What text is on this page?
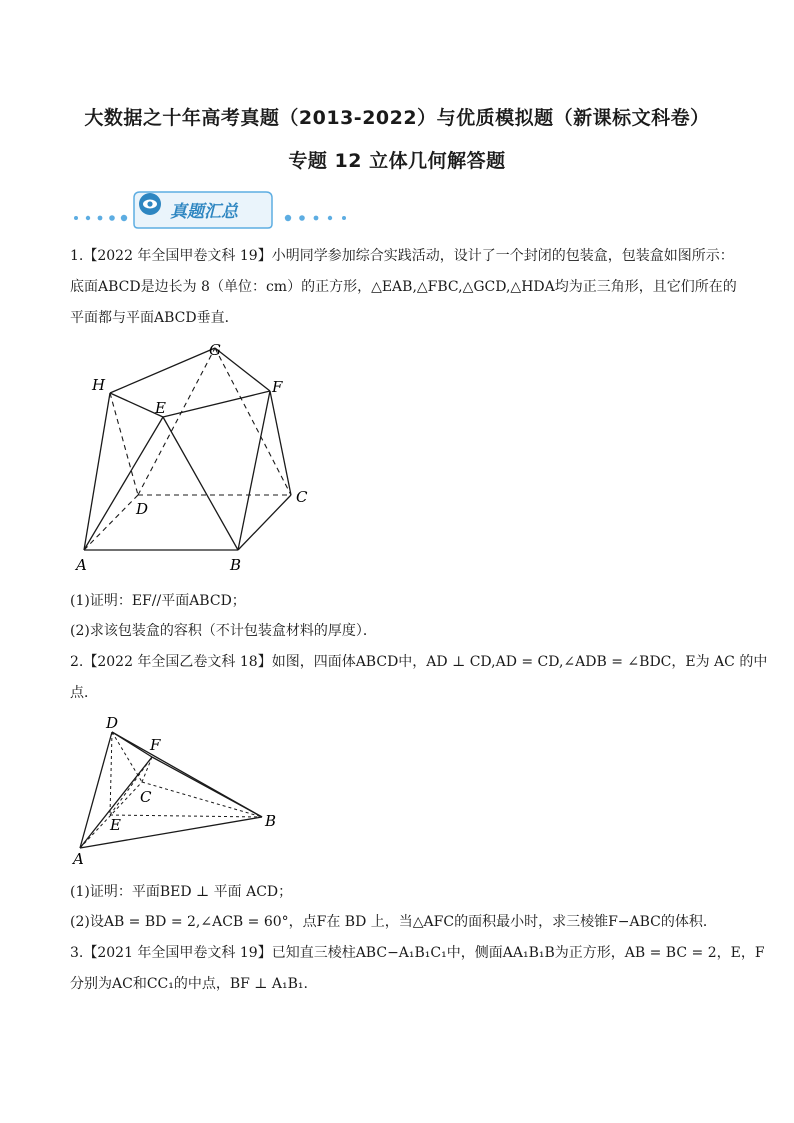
大数据之十年高考真题（2013-2022）与优质模拟题（新课标文科卷）
专题 12 立体几何解答题
真题汇总
1.【2022 年全国甲卷文科 19】小明同学参加综合实践活动，设计了一个封闭的包装盒，包装盒如图所示：
底面ABCD是边长为 8（单位：cm）的正方形，△EAB,△FBC,△GCD,△HDA均为正三角形，且它们所在的
平面都与平面ABCD垂直．
G
H	F
E
D
C
A	B
(1)证明：EF//平面ABCD；
(2)求该包装盒的容积（不计包装盒材料的厚度）．
2.【2022 年全国乙卷文科 18】如图，四面体ABCD中，AD ⊥ CD,AD = CD,∠ADB = ∠BDC，E为 AC 的中
点．
D
F
C
B
E
A
(1)证明：平面BED ⊥ 平面 ACD；
(2)设AB = BD = 2,∠ACB = 60°，点F在 BD 上，当△AFC的面积最小时，求三棱锥F−ABC的体积．
3.【2021 年全国甲卷文科 19】已知直三棱柱ABC−A₁B₁C₁中，侧面AA₁B₁B为正方形，AB = BC = 2，E，F
分别为AC和CC₁的中点，BF ⊥ A₁B₁.
